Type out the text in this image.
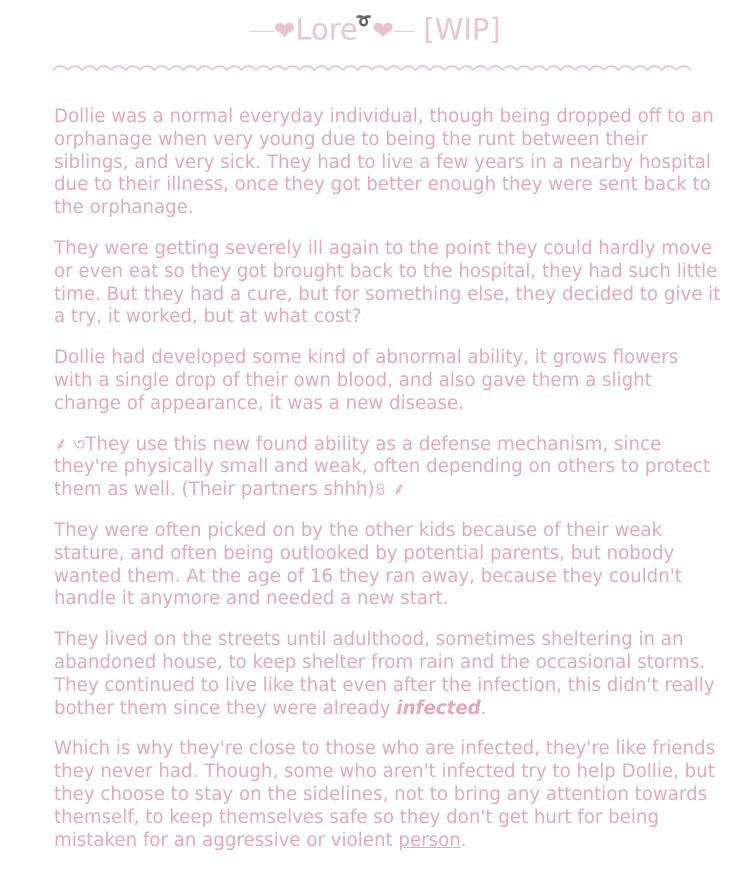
------❤Lore➰❤----- [WIP]

Dollie was a normal everyday individual, though being dropped off to an orphanage when very young due to being the runt between their siblings, and very sick. They had to live a few years in a nearby hospital due to their illness, once they got better enough they were sent back to the orphanage.

They were getting severely ill again to the point they could hardly move or even eat so they got brought back to the hospital, they had such little time. But they had a cure, but for something else, they decided to give it a try, it worked, but at what cost?

Dollie had developed some kind of abnormal ability, it grows flowers with a single drop of their own blood, and also gave them a slight change of appearance, it was a new disease.

⸙ ৩They use this new found ability as a defense mechanism, since they're physically small and weak, often depending on others to protect them as well. (Their partners shhh)৪ ⸙

They were often picked on by the other kids because of their weak stature, and often being outlooked by potential parents, but nobody wanted them. At the age of 16 they ran away, because they couldn't handle it anymore and needed a new start.

They lived on the streets until adulthood, sometimes sheltering in an abandoned house, to keep shelter from rain and the occasional storms. They continued to live like that even after the infection, this didn't really bother them since they were already infected.

Which is why they're close to those who are infected, they're like friends they never had. Though, some who aren't infected try to help Dollie, but they choose to stay on the sidelines, not to bring any attention towards themself, to keep themselves safe so they don't get hurt for being mistaken for an aggressive or violent person.
